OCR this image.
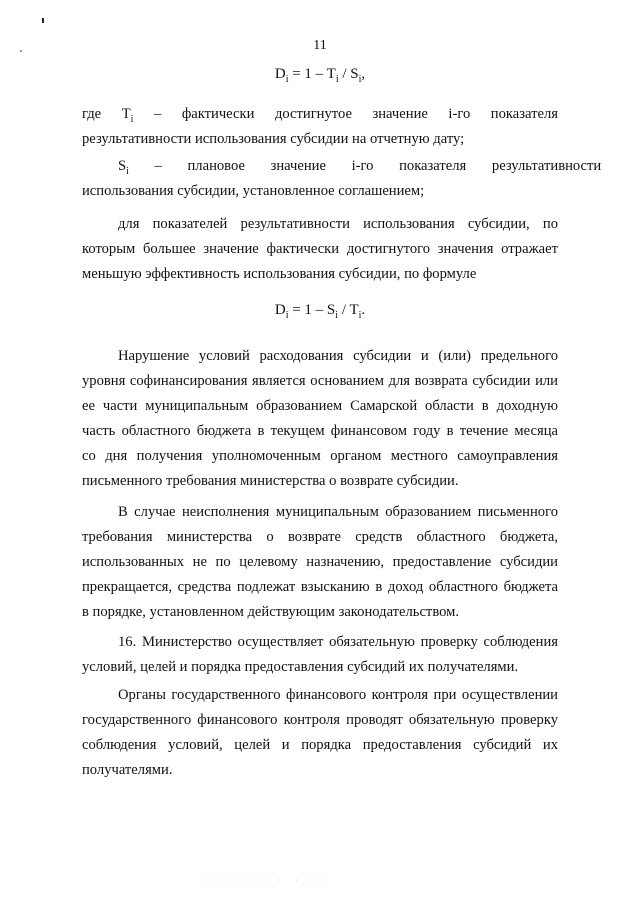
11
$D_i = 1 - T_i / S_i$,
где $T_i$ – фактически достигнутое значение i-го показателя
результативности использования субсидии на отчетную дату;
$S_i$ – плановое значение i-го показателя результативности
использования субсидии, установленное соглашением;
для показателей результативности использования субсидии, по
которым большее значение фактически достигнутого значения отражает
меньшую эффективность использования субсидии, по формуле
$D_i = 1 - S_i / T_i$.
Нарушение условий расходования субсидии и (или) предельного
уровня софинансирования является основанием для возврата субсидии или
ее части муниципальным образованием Самарской области в доходную
часть областного бюджета в текущем финансовом году в течение месяца
со дня получения уполномоченным органом местного самоуправления
письменного требования министерства о возврате субсидии.
В случае неисполнения муниципальным образованием письменного
требования министерства о возврате средств областного бюджета,
использованных не по целевому назначению, предоставление субсидии
прекращается, средства подлежат взысканию в доход областного бюджета
в порядке, установленном действующим законодательством.
16. Министерство осуществляет обязательную проверку соблюдения
условий, целей и порядка предоставления субсидий их получателями.
Органы государственного финансового контроля при осуществлении
государственного финансового контроля проводят обязательную проверку
соблюдения условий, целей и порядка предоставления субсидий их
получателями.
· · · · · · · · · · · · · · ·
